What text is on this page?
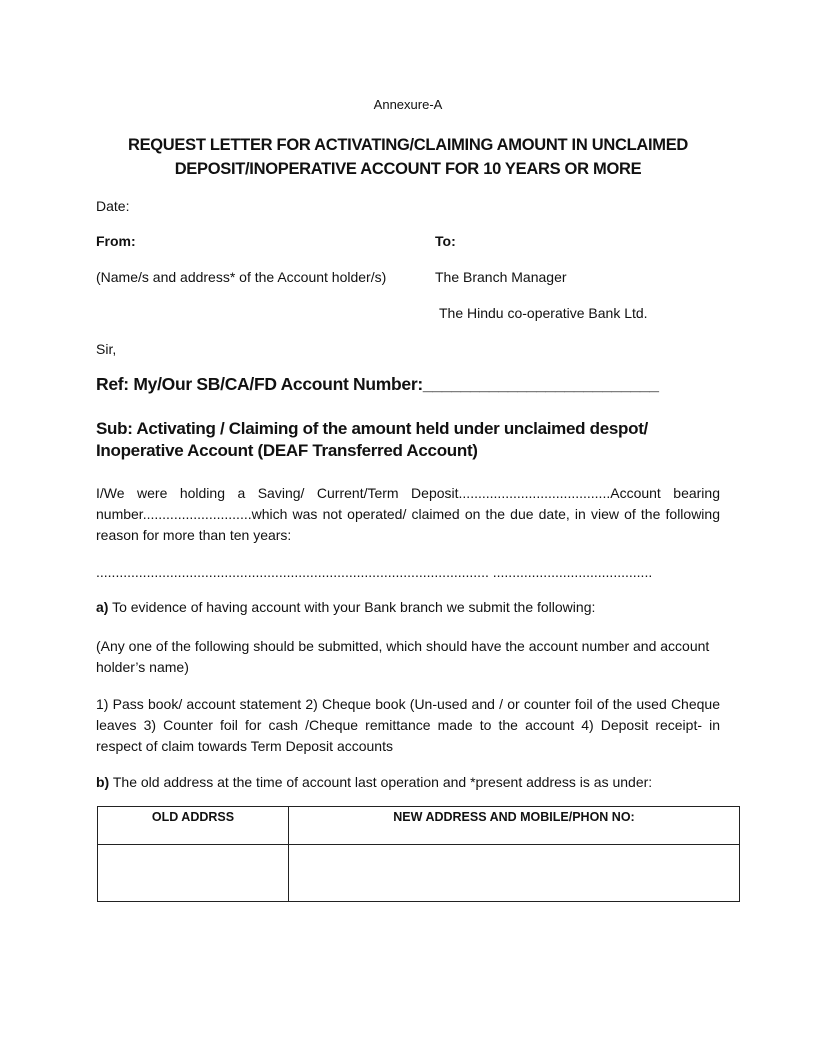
Annexure-A
REQUEST LETTER FOR ACTIVATING/CLAIMING AMOUNT IN UNCLAIMED DEPOSIT/INOPERATIVE ACCOUNT FOR 10 YEARS OR MORE
Date:
From:	To:
(Name/s and address* of the Account holder/s)	The Branch Manager
The Hindu co-operative Bank Ltd.
Sir,
Ref: My/Our SB/CA/FD Account Number:_________________________
Sub: Activating / Claiming of the amount held under unclaimed despot/ Inoperative Account (DEAF Transferred Account)
I/We were holding a Saving/ Current/Term Deposit.......................................Account bearing number............................which was not operated/ claimed on the due date, in view of the following reason for more than ten years:
..................................................................................................... .........................................
a) To evidence of having account with your Bank branch we submit the following:
(Any one of the following should be submitted, which should have the account number and account holder’s name)
1) Pass book/ account statement 2) Cheque book (Un-used and / or counter foil of the used Cheque leaves 3) Counter foil for cash /Cheque remittance made to the account 4) Deposit receipt- in respect of claim towards Term Deposit accounts
b) The old address at the time of account last operation and *present address is as under:
OLD ADDRSS	NEW ADDRESS AND MOBILE/PHON NO:
